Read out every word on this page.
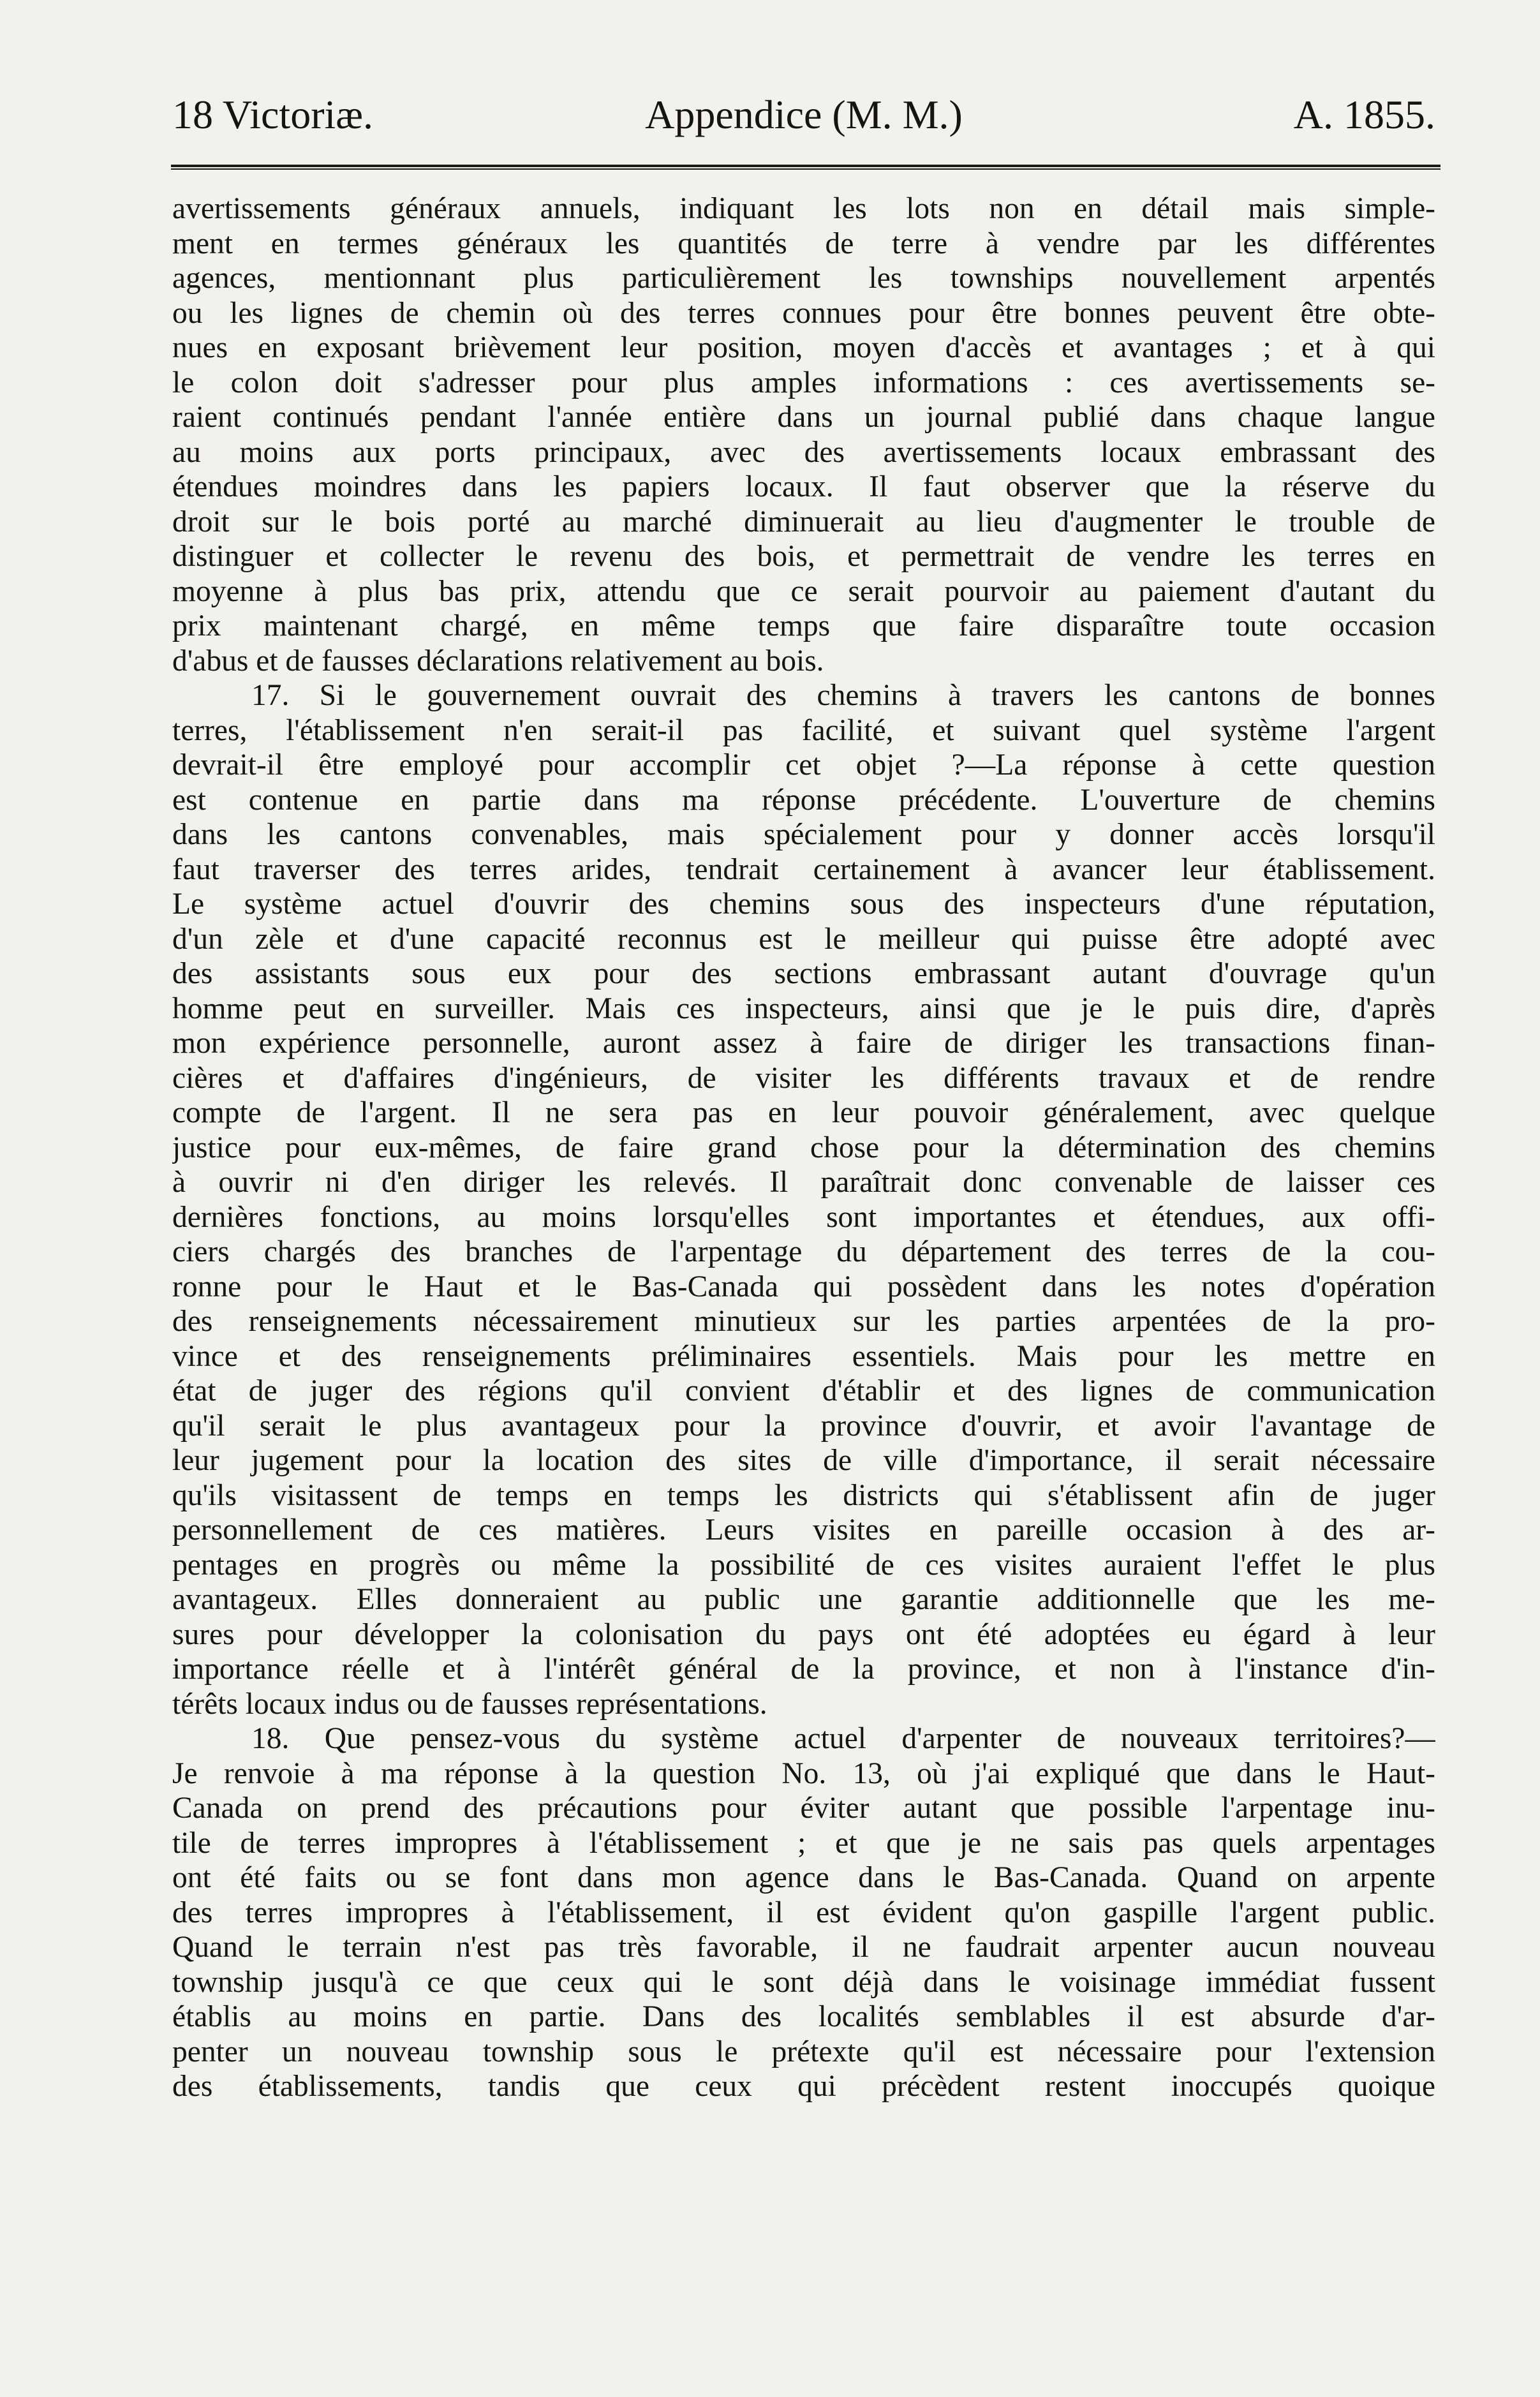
18 Victoriæ.	Appendice (M. M.)	A. 1855.
avertissements généraux annuels, indiquant les lots non en détail mais simple-
ment en termes généraux les quantités de terre à vendre par les différentes
agences, mentionnant plus particulièrement les townships nouvellement arpentés
ou les lignes de chemin où des terres connues pour être bonnes peuvent être obte-
nues en exposant brièvement leur position, moyen d'accès et avantages ; et à qui
le colon doit s'adresser pour plus amples informations : ces avertissements se-
raient continués pendant l'année entière dans un journal publié dans chaque langue
au moins aux ports principaux, avec des avertissements locaux embrassant des
étendues moindres dans les papiers locaux. Il faut observer que la réserve du
droit sur le bois porté au marché diminuerait au lieu d'augmenter le trouble de
distinguer et collecter le revenu des bois, et permettrait de vendre les terres en
moyenne à plus bas prix, attendu que ce serait pourvoir au paiement d'autant du
prix maintenant chargé, en même temps que faire disparaître toute occasion
d'abus et de fausses déclarations relativement au bois.
17. Si le gouvernement ouvrait des chemins à travers les cantons de bonnes
terres, l'établissement n'en serait-il pas facilité, et suivant quel système l'argent
devrait-il être employé pour accomplir cet objet ?—La réponse à cette question
est contenue en partie dans ma réponse précédente. L'ouverture de chemins
dans les cantons convenables, mais spécialement pour y donner accès lorsqu'il
faut traverser des terres arides, tendrait certainement à avancer leur établissement.
Le système actuel d'ouvrir des chemins sous des inspecteurs d'une réputation,
d'un zèle et d'une capacité reconnus est le meilleur qui puisse être adopté avec
des assistants sous eux pour des sections embrassant autant d'ouvrage qu'un
homme peut en surveiller. Mais ces inspecteurs, ainsi que je le puis dire, d'après
mon expérience personnelle, auront assez à faire de diriger les transactions finan-
cières et d'affaires d'ingénieurs, de visiter les différents travaux et de rendre
compte de l'argent. Il ne sera pas en leur pouvoir généralement, avec quelque
justice pour eux-mêmes, de faire grand chose pour la détermination des chemins
à ouvrir ni d'en diriger les relevés. Il paraîtrait donc convenable de laisser ces
dernières fonctions, au moins lorsqu'elles sont importantes et étendues, aux offi-
ciers chargés des branches de l'arpentage du département des terres de la cou-
ronne pour le Haut et le Bas-Canada qui possèdent dans les notes d'opération
des renseignements nécessairement minutieux sur les parties arpentées de la pro-
vince et des renseignements préliminaires essentiels. Mais pour les mettre en
état de juger des régions qu'il convient d'établir et des lignes de communication
qu'il serait le plus avantageux pour la province d'ouvrir, et avoir l'avantage de
leur jugement pour la location des sites de ville d'importance, il serait nécessaire
qu'ils visitassent de temps en temps les districts qui s'établissent afin de juger
personnellement de ces matières. Leurs visites en pareille occasion à des ar-
pentages en progrès ou même la possibilité de ces visites auraient l'effet le plus
avantageux. Elles donneraient au public une garantie additionnelle que les me-
sures pour développer la colonisation du pays ont été adoptées eu égard à leur
importance réelle et à l'intérêt général de la province, et non à l'instance d'in-
térêts locaux indus ou de fausses représentations.
18. Que pensez-vous du système actuel d'arpenter de nouveaux territoires?—
Je renvoie à ma réponse à la question No. 13, où j'ai expliqué que dans le Haut-
Canada on prend des précautions pour éviter autant que possible l'arpentage inu-
tile de terres impropres à l'établissement ; et que je ne sais pas quels arpentages
ont été faits ou se font dans mon agence dans le Bas-Canada. Quand on arpente
des terres impropres à l'établissement, il est évident qu'on gaspille l'argent public.
Quand le terrain n'est pas très favorable, il ne faudrait arpenter aucun nouveau
township jusqu'à ce que ceux qui le sont déjà dans le voisinage immédiat fussent
établis au moins en partie. Dans des localités semblables il est absurde d'ar-
penter un nouveau township sous le prétexte qu'il est nécessaire pour l'extension
des établissements, tandis que ceux qui précèdent restent inoccupés quoique
